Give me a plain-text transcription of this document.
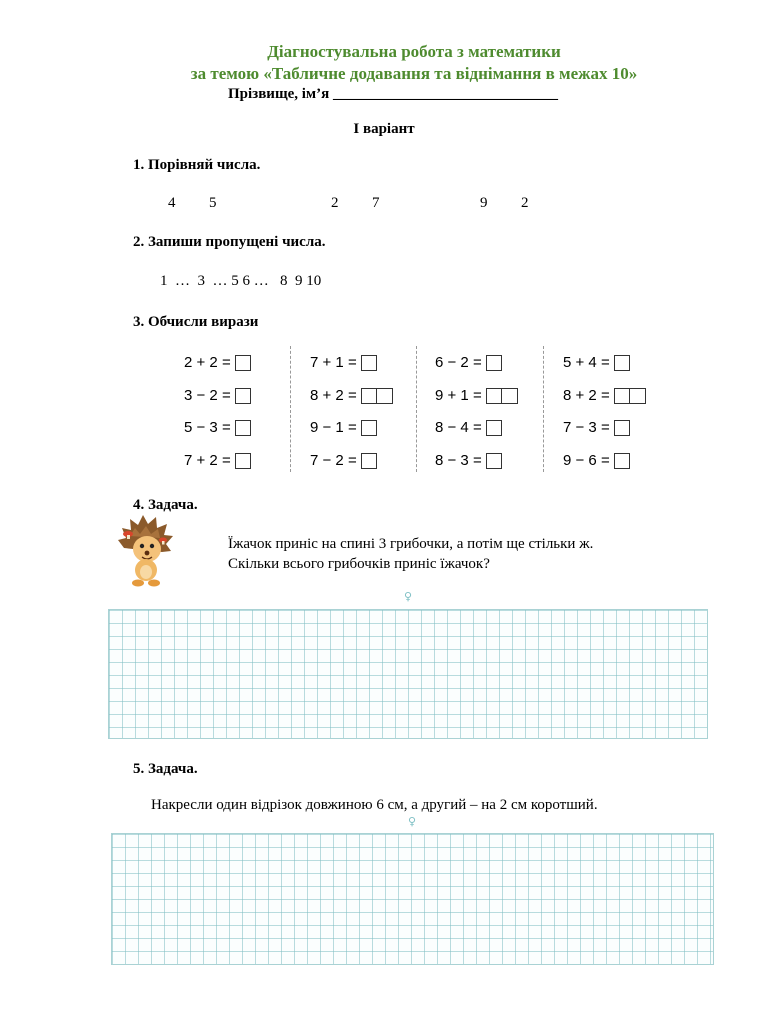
Діагностувальна робота з математики
за темою «Табличне додавання та віднімання в межах 10»
Прізвище, ім’я ______________________________
І варіант
1. Порівняй числа.
4 5	2 7	9 2
2. Запиши пропущені числа.
1  …  3  … 5 6 …   8  9 10
3. Обчисли вирази
2 + 2 =
3 − 2 =
5 − 3 =
7 + 2 =
7 + 1 =
8 + 2 =
9 − 1 =
7 − 2 =
6 − 2 =
9 + 1 =
8 − 4 =
8 − 3 =
5 + 4 =
8 + 2 =
7 − 3 =
9 − 6 =
4. Задача.
Їжачок приніс на спині 3 грибочки, а потім ще стільки ж.
Скільки всього грибочків приніс їжачок?
♀
5. Задача.
Накресли один відрізок довжиною 6 см, а другий – на 2 см коротший.
♀
